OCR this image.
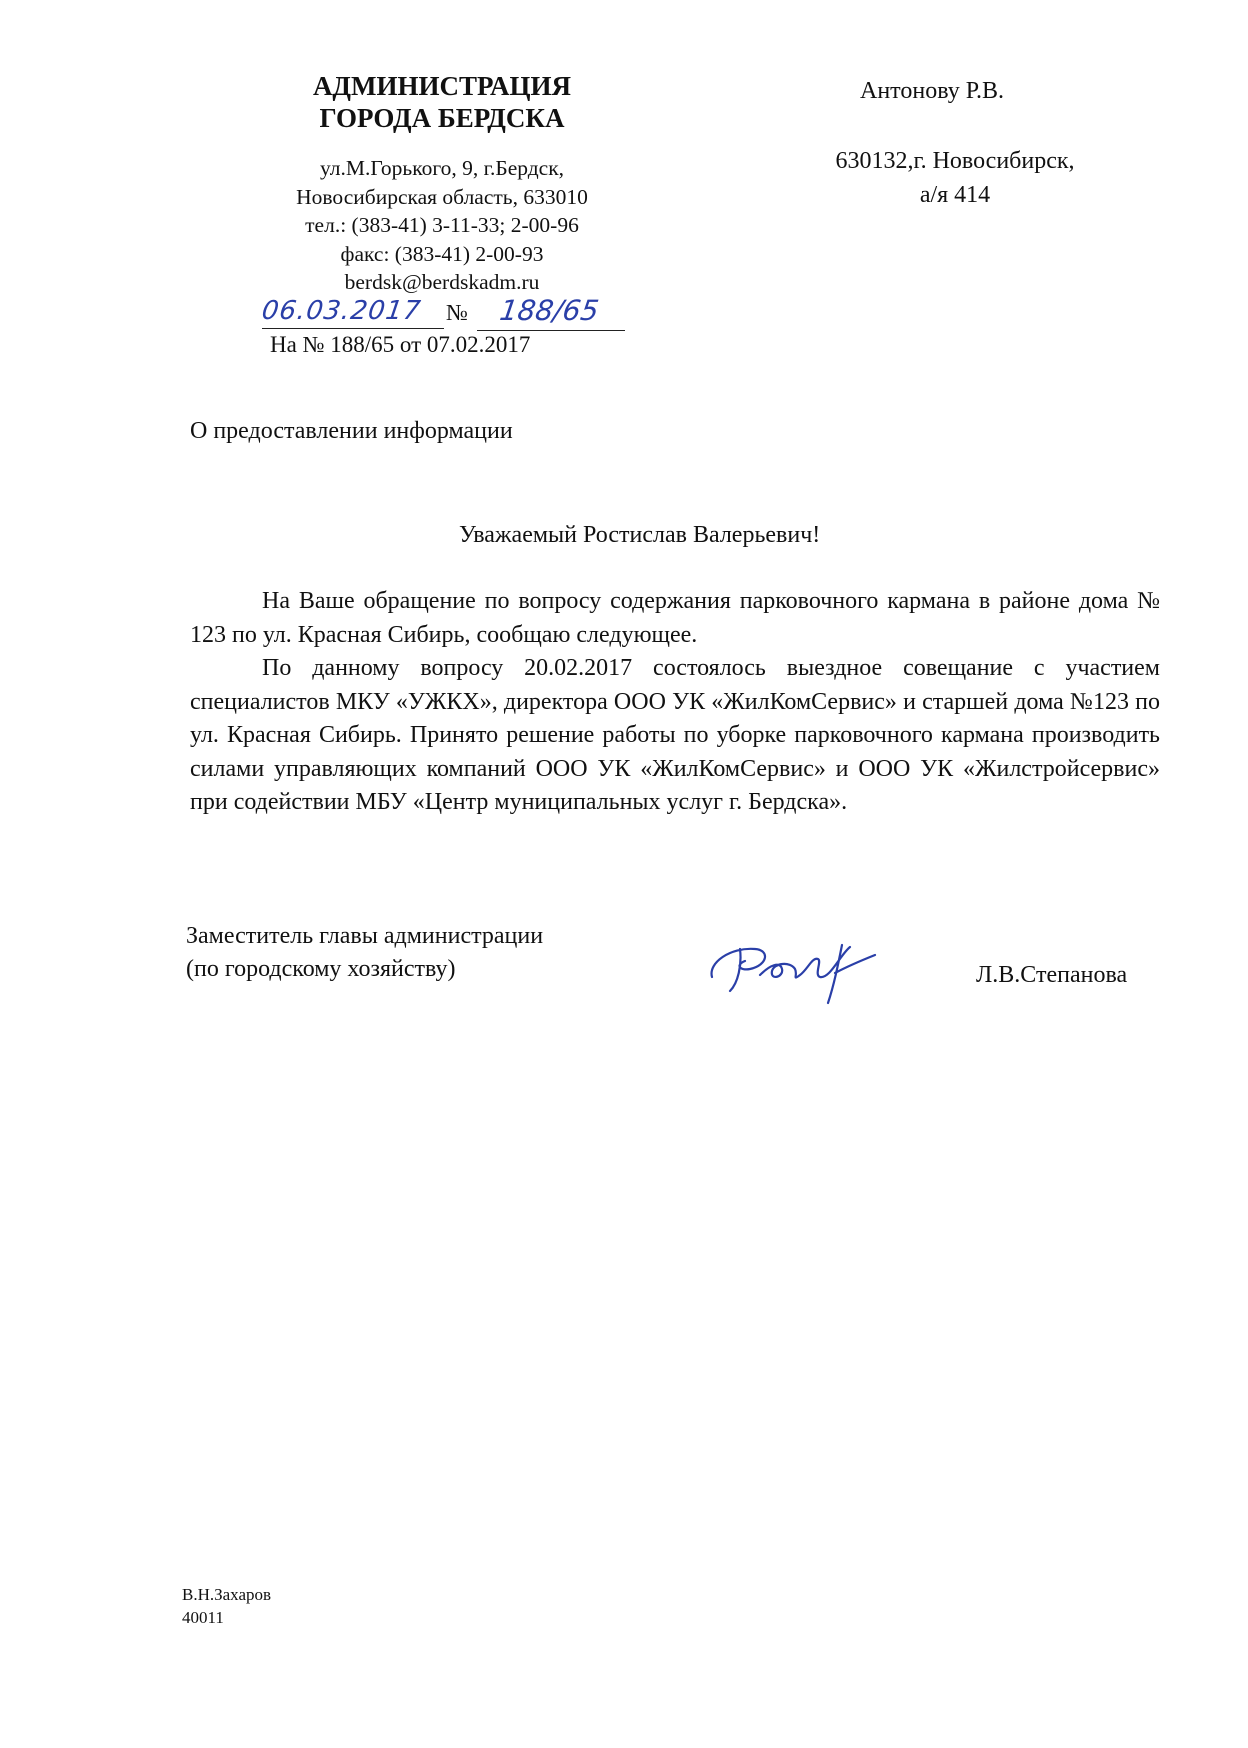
АДМИНИСТРАЦИЯ
ГОРОДА БЕРДСКА
ул.М.Горького, 9, г.Бердск,
Новосибирская область, 633010
тел.: (383-41) 3-11-33; 2-00-96
факс: (383-41) 2-00-93
berdsk@berdskadm.ru
06.03.2017 № 188/65
На № 188/65 от 07.02.2017
Антонову Р.В.
630132,г. Новосибирск,
а/я 414
О предоставлении информации
Уважаемый Ростислав Валерьевич!

На Ваше обращение по вопросу содержания парковочного кармана в районе дома № 123 по ул. Красная Сибирь, сообщаю следующее.

По данному вопросу 20.02.2017 состоялось выездное совещание с участием специалистов МКУ «УЖКХ», директора ООО УК «ЖилКомСервис» и старшей дома №123 по ул. Красная Сибирь. Принято решение работы по уборке парковочного кармана производить силами управляющих компаний ООО УК «ЖилКомСервис» и ООО УК «Жилстройсервис» при содействии МБУ «Центр муниципальных услуг г. Бердска».

Заместитель главы администрации
(по городскому хозяйству)	Л.В.Степанова
В.Н.Захаров
40011
